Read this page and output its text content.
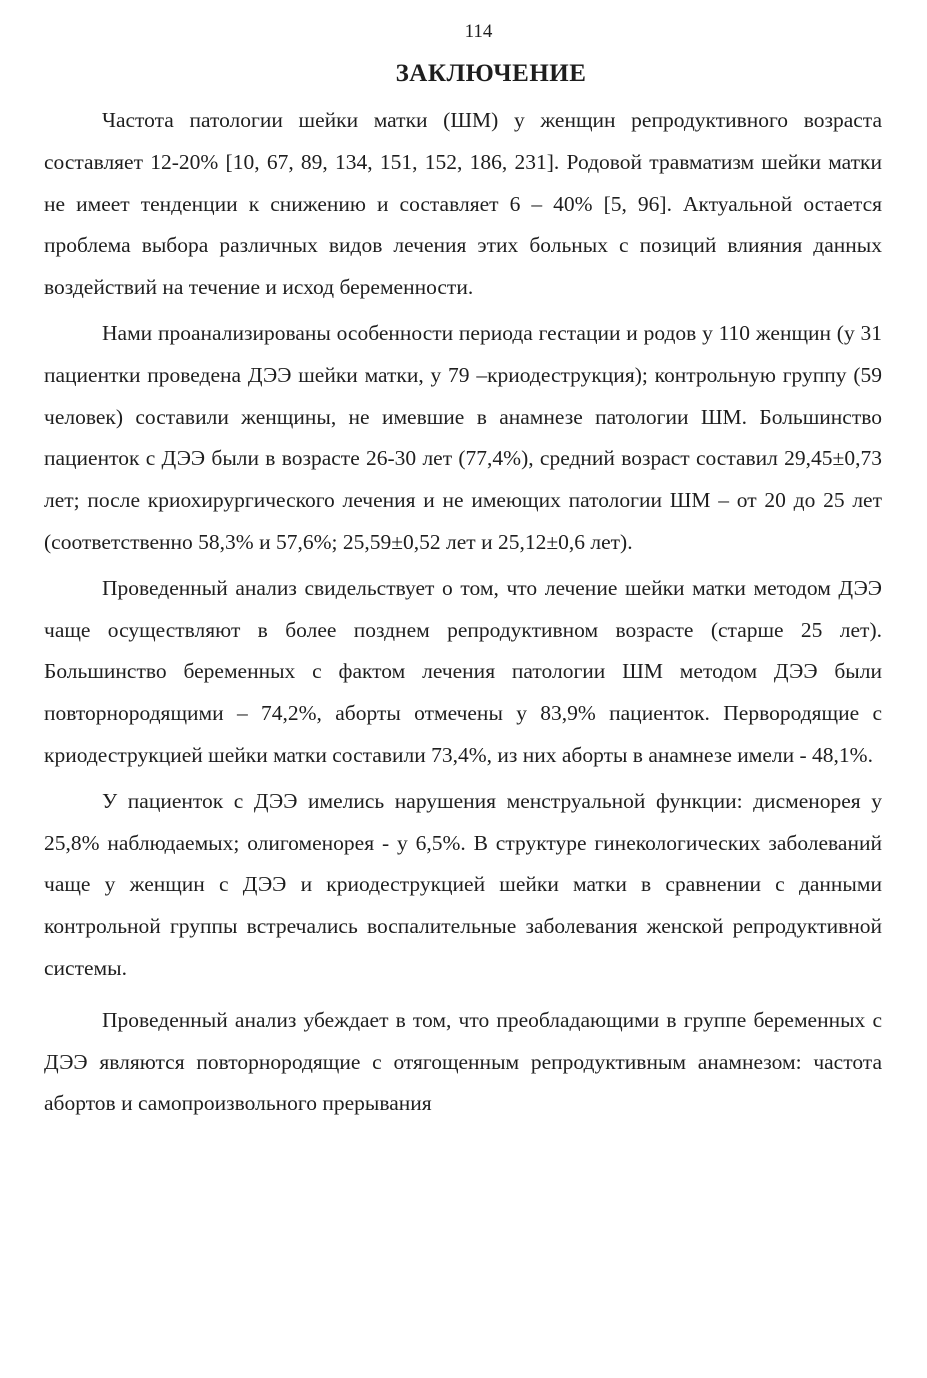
114
ЗАКЛЮЧЕНИЕ

Частота патологии шейки матки (ШМ) у женщин репродуктивного возраста составляет 12-20% [10, 67, 89, 134, 151, 152, 186, 231]. Родовой травматизм шейки матки не имеет тенденции к снижению и составляет 6 – 40% [5, 96]. Актуальной остается проблема выбора различных видов лечения этих больных с позиций влияния данных воздействий на течение и исход беременности.

Нами проанализированы особенности периода гестации и родов у 110 женщин (у 31 пациентки проведена ДЭЭ шейки матки, у 79 –криодеструкция); контрольную группу (59 человек) составили женщины, не имевшие в анамнезе патологии ШМ. Большинство пациенток с ДЭЭ были в возрасте 26-30 лет (77,4%), средний возраст составил 29,45±0,73 лет; после криохирургического лечения и не имеющих патологии ШМ – от 20 до 25 лет (соответственно 58,3% и 57,6%; 25,59±0,52 лет и 25,12±0,6 лет).

Проведенный анализ свидельствует о том, что лечение шейки матки методом ДЭЭ чаще осуществляют в более позднем репродуктивном возрасте (старше 25 лет). Большинство беременных с фактом лечения патологии ШМ методом ДЭЭ были повторнородящими – 74,2%, аборты отмечены у 83,9% пациенток. Первородящие с криодеструкцией шейки матки составили 73,4%, из них аборты в анамнезе имели - 48,1%.

У пациенток с ДЭЭ имелись нарушения менструальной функции: дисменорея у 25,8% наблюдаемых; олигоменорея - у 6,5%. В структуре гинекологических заболеваний чаще у женщин с ДЭЭ и криодеструкцией шейки матки в сравнении с данными контрольной группы встречались воспалительные заболевания женской репродуктивной системы.

Проведенный анализ убеждает в том, что преобладающими в группе беременных с ДЭЭ являются повторнородящие с отягощенным репродуктивным анамнезом: частота абортов и самопроизвольного прерывания
